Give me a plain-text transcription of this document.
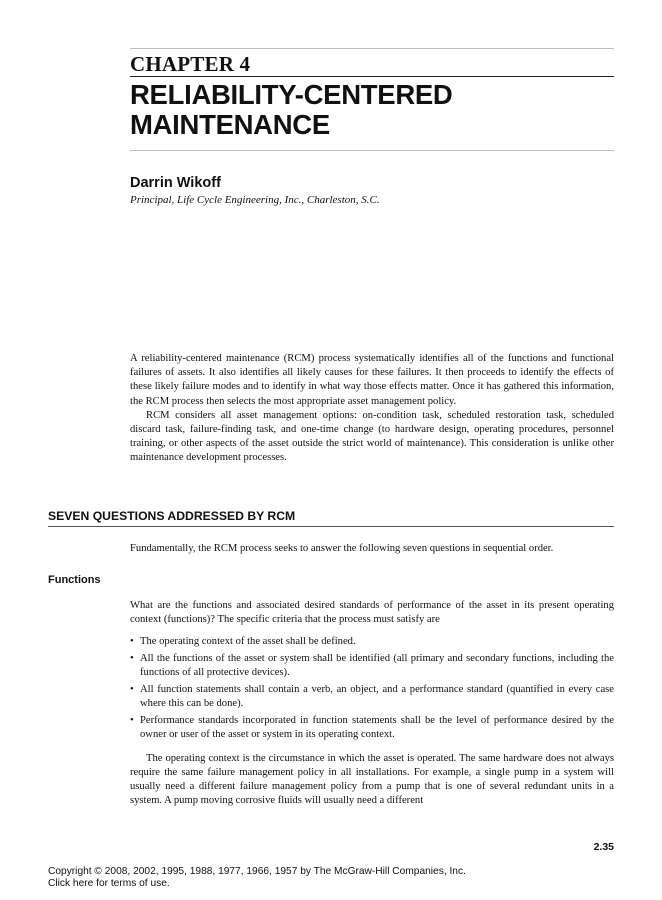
CHAPTER 4
RELIABILITY-CENTERED
MAINTENANCE
Darrin Wikoff
Principal, Life Cycle Engineering, Inc., Charleston, S.C.

A reliability-centered maintenance (RCM) process systematically identifies all of the functions and functional failures of assets. It also identifies all likely causes for these failures. It then proceeds to identify the effects of these likely failure modes and to identify in what way those effects matter. Once it has gathered this information, the RCM process then selects the most appropriate asset management policy.

RCM considers all asset management options: on-condition task, scheduled restoration task, scheduled discard task, failure-finding task, and one-time change (to hardware design, operating procedures, personnel training, or other aspects of the asset outside the strict world of maintenance). This consideration is unlike other maintenance development processes.

SEVEN QUESTIONS ADDRESSED BY RCM
Fundamentally, the RCM process seeks to answer the following seven questions in sequential order.
Functions
What are the functions and associated desired standards of performance of the asset in its present operating context (functions)? The specific criteria that the process must satisfy are
• The operating context of the asset shall be defined.
• All the functions of the asset or system shall be identified (all primary and secondary functions, including the functions of all protective devices).
• All function statements shall contain a verb, an object, and a performance standard (quantified in every case where this can be done).
• Performance standards incorporated in function statements shall be the level of performance desired by the owner or user of the asset or system in its operating context.

The operating context is the circumstance in which the asset is operated. The same hardware does not always require the same failure management policy in all installations. For example, a single pump in a system will usually need a different failure management policy from a pump that is one of several redundant units in a system. A pump moving corrosive fluids will usually need a different

2.35
Copyright © 2008, 2002, 1995, 1988, 1977, 1966, 1957 by The McGraw-Hill Companies, Inc.
Click here for terms of use.
